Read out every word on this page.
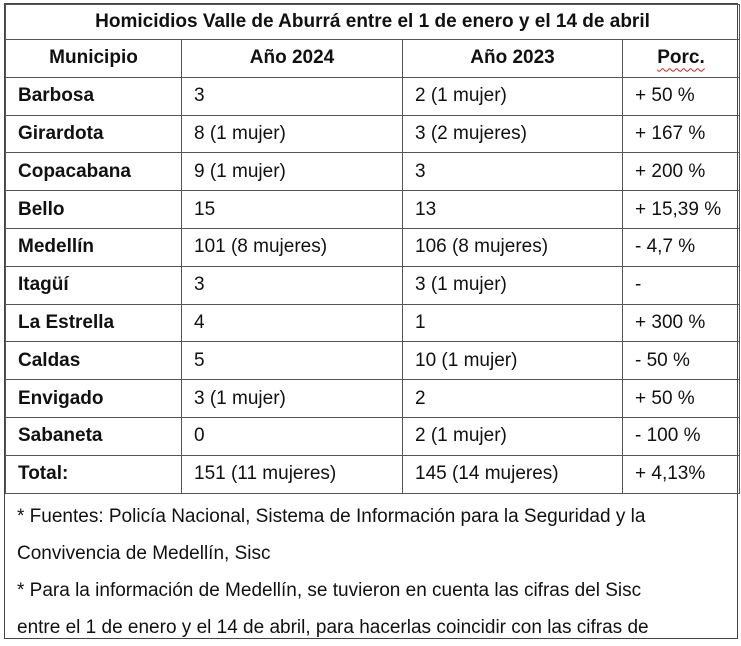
Homicidios Valle de Aburrá entre el 1 de enero y el 14 de abril			
Municipio	Año 2024	Año 2023	Porc.
Barbosa	3	2 (1 mujer)	+ 50 %
Girardota	8 (1 mujer)	3 (2 mujeres)	+ 167 %
Copacabana	9 (1 mujer)	3	+ 200 %
Bello	15	13	+ 15,39 %
Medellín	101 (8 mujeres)	106 (8 mujeres)	- 4,7 %
Itagüí	3	3 (1 mujer)	-
La Estrella	4	1	+ 300 %
Caldas	5	10 (1 mujer)	- 50 %
Envigado	3 (1 mujer)	2	+ 50 %
Sabaneta	0	2 (1 mujer)	- 100 %
Total:	151 (11 mujeres)	145 (14 mujeres)	+ 4,13%

* Fuentes: Policía Nacional, Sistema de Información para la Seguridad y la

Convivencia de Medellín, Sisc

* Para la información de Medellín, se tuvieron en cuenta las cifras del Sisc

entre el 1 de enero y el 14 de abril, para hacerlas coincidir con las cifras de
